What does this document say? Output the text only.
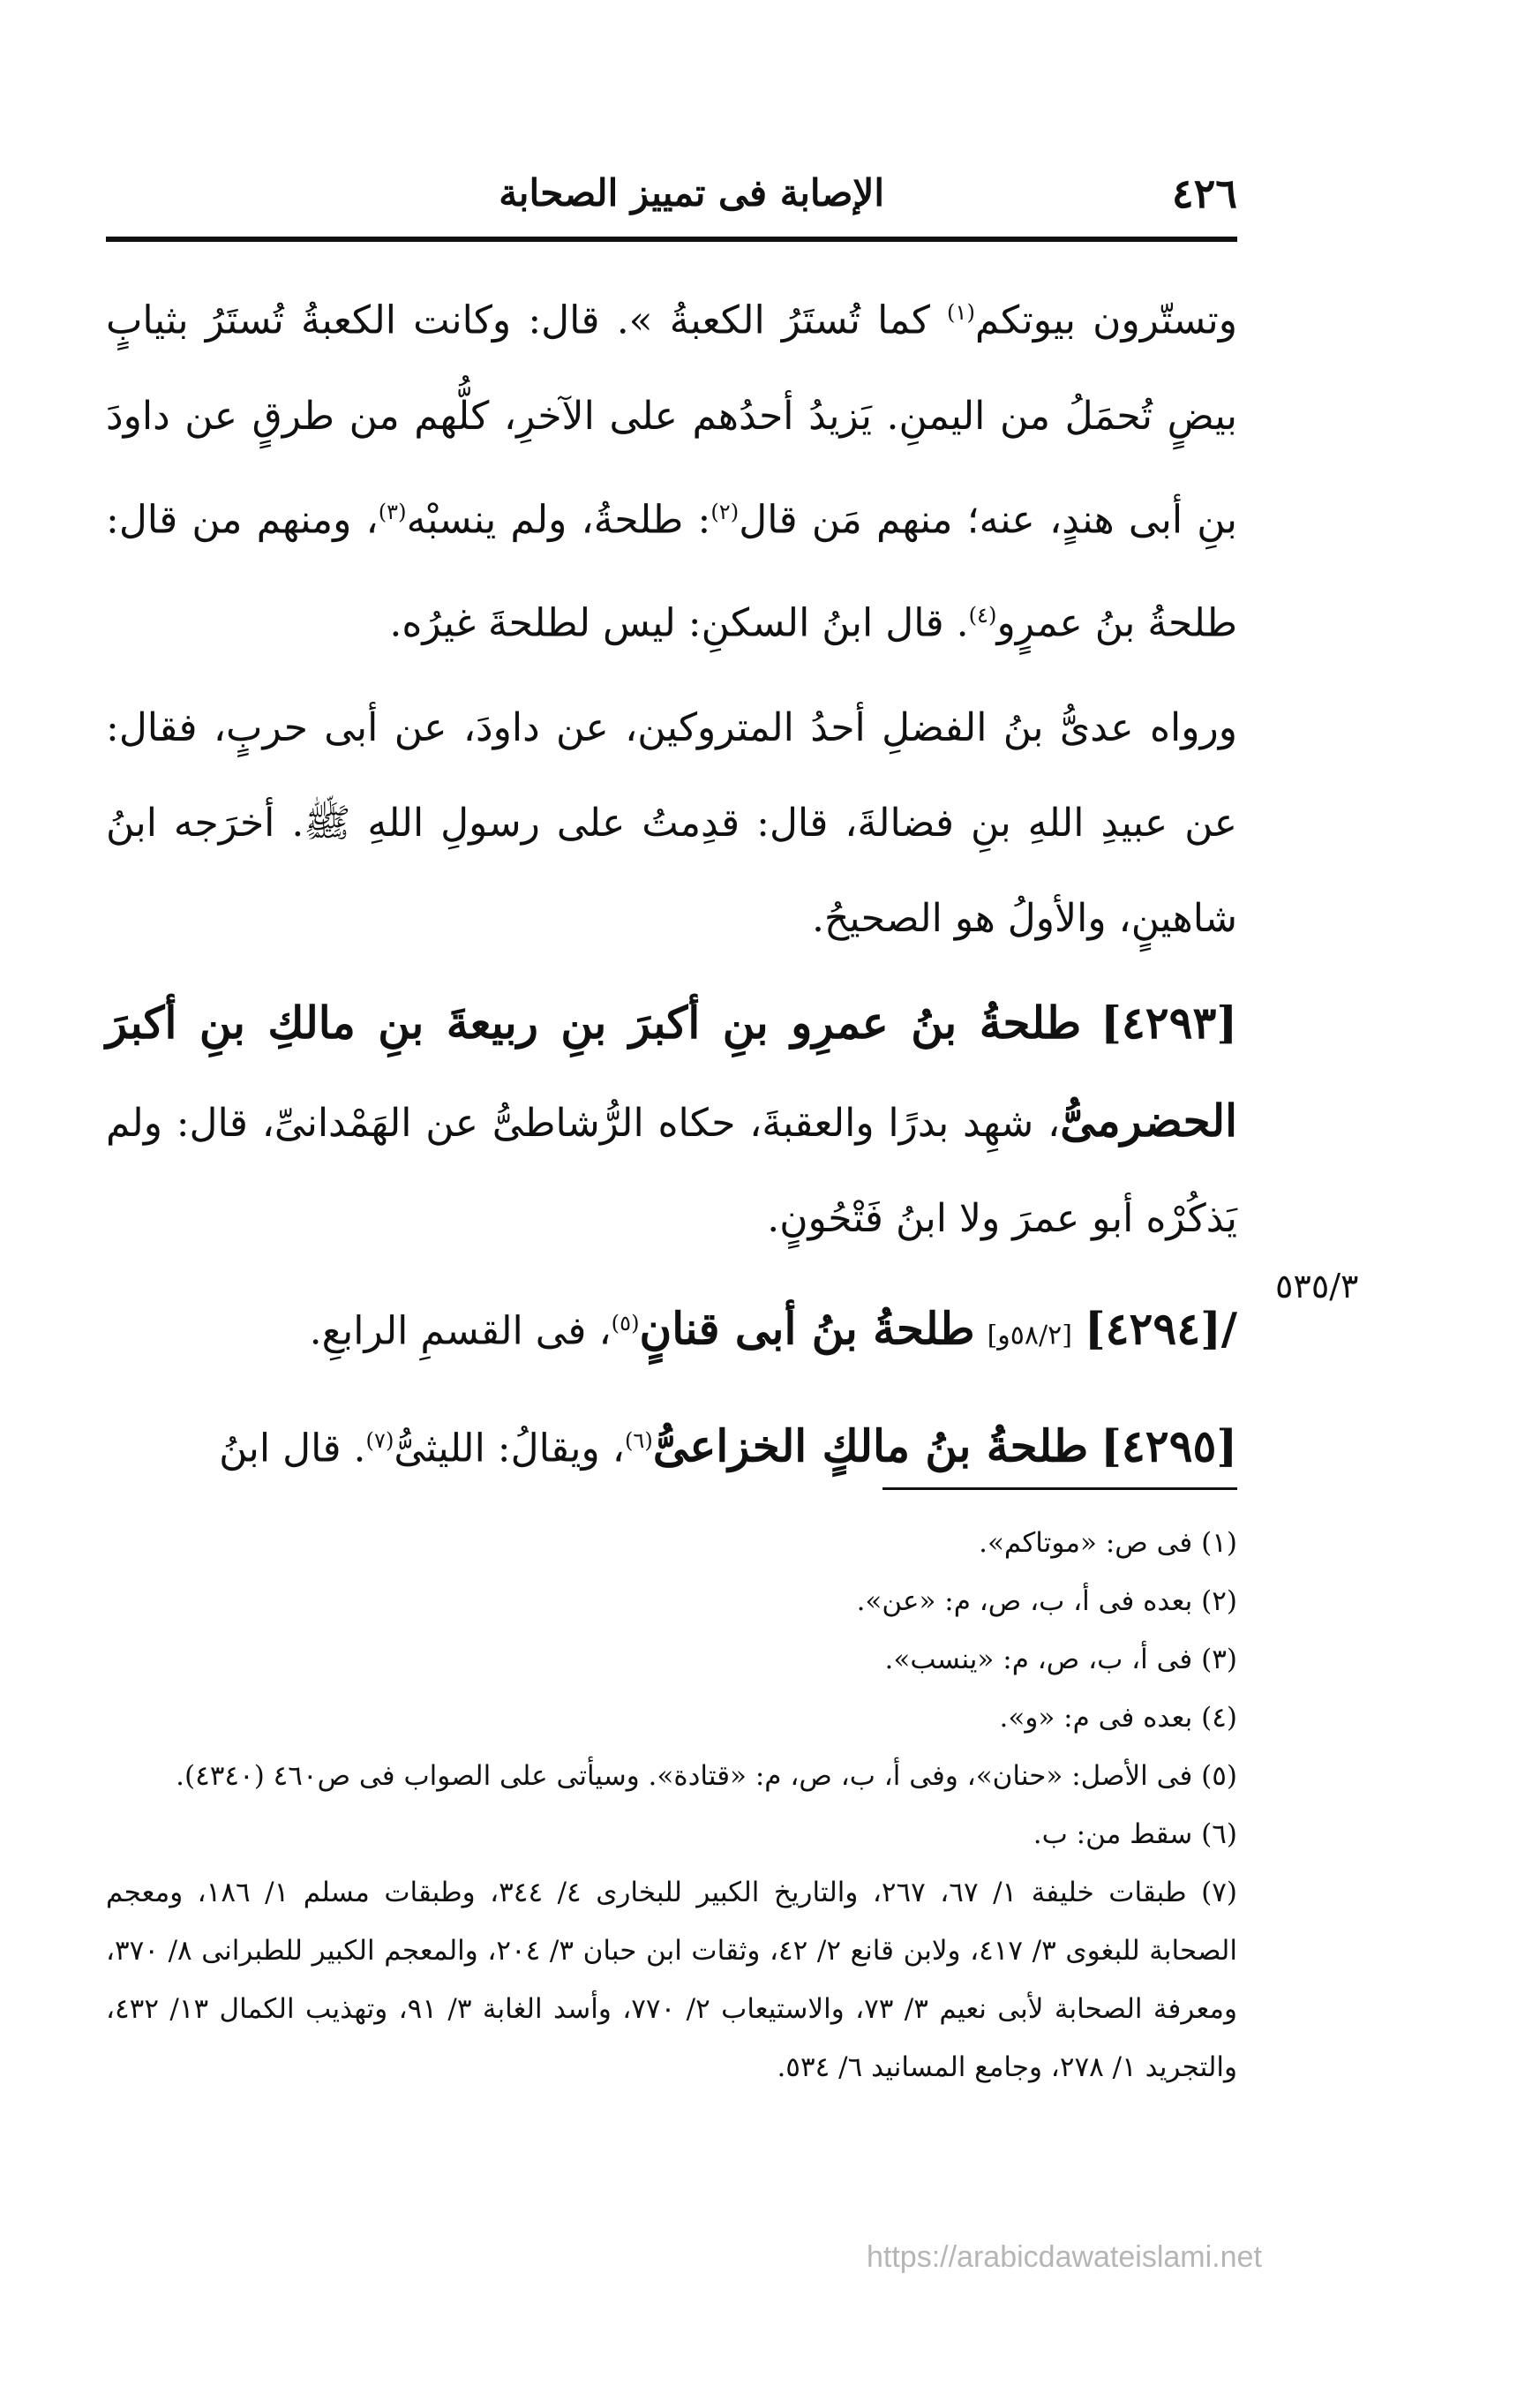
٤٢٦
الإصابة فى تمييز الصحابة

وتستّرون بيوتكم$^{(١)}$ كما تُستَرُ الكعبةُ ». قال: وكانت الكعبةُ تُستَرُ بثيابٍ بيضٍ تُحمَلُ من اليمنِ. يَزيدُ أحدُهم على الآخرِ، كلُّهم من طرقٍ عن داودَ بنِ أبى هندٍ، عنه؛ منهم مَن قال$^{(٢)}$: طلحةُ، ولم ينسبْه$^{(٣)}$، ومنهم من قال: طلحةُ بنُ عمرٍو$^{(٤)}$. قال ابنُ السكنِ: ليس لطلحةَ غيرُه.

ورواه عدىُّ بنُ الفضلِ أحدُ المتروكين، عن داودَ، عن أبى حربٍ، فقال: عن عبيدِ اللهِ بنِ فضالةَ، قال: قدِمتُ على رسولِ اللهِ ﷺ. أخرَجه ابنُ شاهينٍ، والأولُ هو الصحيحُ.

[٤٢٩٣] طلحةُ بنُ عمرِو بنِ أكبرَ بنِ ربيعةَ بنِ مالكِ بنِ أكبرَ الحضرمىُّ، شهِد بدرًا والعقبةَ، حكاه الرُّشاطىُّ عن الهَمْدانىِّ، قال: ولم يَذكُرْه أبو عمرَ ولا ابنُ فَتْحُونٍ.

/[٤٢٩٤] [٥٨/٢و] طلحةُ بنُ أبى قنانٍ$^{(٥)}$، فى القسمِ الرابعِ.

[٤٢٩٥] طلحةُ بنُ مالكٍ الخزاعىُّ$^{(٦)}$، ويقالُ: الليثىُّ$^{(٧)}$. قال ابنُ

٥٣٥/٣

(١) فى ص: «موتاكم».

(٢) بعده فى أ، ب، ص، م: «عن».

(٣) فى أ، ب، ص، م: «ينسب».

(٤) بعده فى م: «و».

(٥) فى الأصل: «حنان»، وفى أ، ب، ص، م: «قتادة». وسيأتى على الصواب فى ص٤٦٠ (٤٣٤٠).

(٦) سقط من: ب.

(٧) طبقات خليفة ١/ ٦٧، ٢٦٧، والتاريخ الكبير للبخارى ٤/ ٣٤٤، وطبقات مسلم ١/ ١٨٦، ومعجم الصحابة للبغوى ٣/ ٤١٧، ولابن قانع ٢/ ٤٢، وثقات ابن حبان ٣/ ٢٠٤، والمعجم الكبير للطبرانى ٨/ ٣٧٠، ومعرفة الصحابة لأبى نعيم ٣/ ٧٣، والاستيعاب ٢/ ٧٧٠، وأسد الغابة ٣/ ٩١، وتهذيب الكمال ١٣/ ٤٣٢، والتجريد ١/ ٢٧٨، وجامع المسانيد ٦/ ٥٣٤.

https://arabicdawateislami.net
